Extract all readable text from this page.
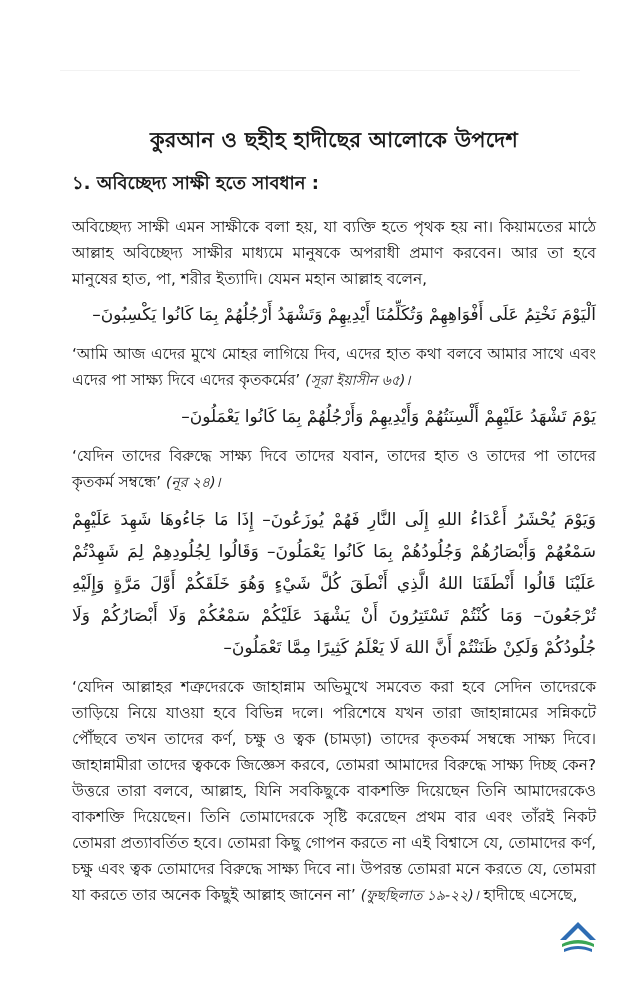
কুরআন ও ছহীহ হাদীছের আলোকে উপদেশ
১. অবিচ্ছেদ্য সাক্ষী হতে সাবধান :

অবিচ্ছেদ্য সাক্ষী এমন সাক্ষীকে বলা হয়, যা ব্যক্তি হতে পৃথক হয় না। কিয়ামতের মাঠে আল্লাহ অবিচ্ছেদ্য সাক্ষীর মাধ্যমে মানুষকে অপরাধী প্রমাণ করবেন। আর তা হবে মানুষের হাত, পা, শরীর ইত্যাদি। যেমন মহান আল্লাহ বলেন,

اَلْيَوْمَ نَخْتِمُ عَلَى أَفْوَاهِهِمْ وَتُكَلِّمُنَا أَيْدِيهِمْ وَتَشْهَدُ أَرْجُلُهُمْ بِمَا كَانُوا يَكْسِبُونَ–

‘আমি আজ এদের মুখে মোহর লাগিয়ে দিব, এদের হাত কথা বলবে আমার সাথে এবং এদের পা সাক্ষ্য দিবে এদের কৃতকর্মের’ (সূরা ইয়াসীন ৬৫)।

يَوْمَ تَشْهَدُ عَلَيْهِمْ أَلْسِنَتُهُمْ وَأَيْدِيهِمْ وَأَرْجُلُهُمْ بِمَا كَانُوا يَعْمَلُونَ–

‘যেদিন তাদের বিরুদ্ধে সাক্ষ্য দিবে তাদের যবান, তাদের হাত ও তাদের পা তাদের কৃতকর্ম সম্বন্ধে’ (নূর ২৪)।

وَيَوْمَ يُحْشَرُ أَعْدَاءُ اللهِ إِلَى النَّارِ فَهُمْ يُوزَعُونَ– إِذَا مَا جَاءُوهَا شَهِدَ عَلَيْهِمْ سَمْعُهُمْ وَأَبْصَارُهُمْ وَجُلُودُهُمْ بِمَا كَانُوا يَعْمَلُونَ– وَقَالُوا لِجُلُودِهِمْ لِمَ شَهِدْتُمْ عَلَيْنَا قَالُوا أَنْطَقَنَا اللهُ الَّذِي أَنْطَقَ كُلَّ شَيْءٍ وَهُوَ خَلَقَكُمْ أَوَّلَ مَرَّةٍ وَإِلَيْهِ تُرْجَعُونَ– وَمَا كُنْتُمْ تَسْتَتِرُونَ أَنْ يَشْهَدَ عَلَيْكُمْ سَمْعُكُمْ وَلَا أَبْصَارُكُمْ وَلَا جُلُودُكُمْ وَلَكِنْ ظَنَنْتُمْ أَنَّ اللهَ لَا يَعْلَمُ كَثِيرًا مِمَّا تَعْمَلُونَ–

‘যেদিন আল্লাহর শত্রুদেরকে জাহান্নাম অভিমুখে সমবেত করা হবে সেদিন তাদেরকে তাড়িয়ে নিয়ে যাওয়া হবে বিভিন্ন দলে। পরিশেষে যখন তারা জাহান্নামের সন্নিকটে পৌঁছবে তখন তাদের কর্ণ, চক্ষু ও ত্বক (চামড়া) তাদের কৃতকর্ম সম্বন্ধে সাক্ষ্য দিবে। জাহান্নামীরা তাদের ত্বককে জিজ্ঞেস করবে, তোমরা আমাদের বিরুদ্ধে সাক্ষ্য দিচ্ছ কেন? উত্তরে তারা বলবে, আল্লাহ, যিনি সবকিছুকে বাকশক্তি দিয়েছেন তিনি আমাদেরকেও বাকশক্তি দিয়েছেন। তিনি তোমাদেরকে সৃষ্টি করেছেন প্রথম বার এবং তাঁরই নিকট তোমরা প্রত্যাবর্তিত হবে। তোমরা কিছু গোপন করতে না এই বিশ্বাসে যে, তোমাদের কর্ণ, চক্ষু এবং ত্বক তোমাদের বিরুদ্ধে সাক্ষ্য দিবে না। উপরন্ত তোমরা মনে করতে যে, তোমরা যা করতে তার অনেক কিছুই আল্লাহ জানেন না’ (ফুছছিলাত ১৯-২২)। হাদীছে এসেছে,
